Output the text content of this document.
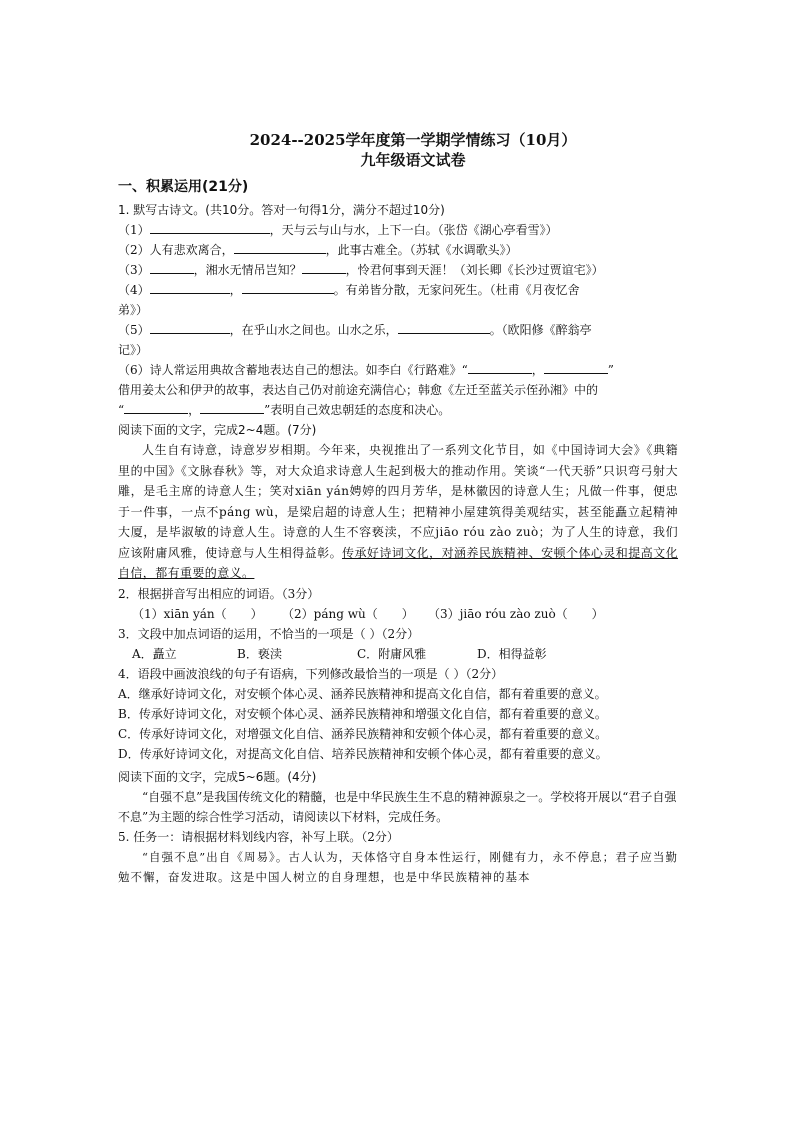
2024--2025学年度第一学期学情练习（10月）
九年级语文试卷
一、积累运用(21分)
1. 默写古诗文。(共10分。答对一句得1分，满分不超过10分)
（1）	，天与云与山与水，上下一白。（张岱《湖心亭看雪》）
（2）人有悲欢离合，	，此事古难全。（苏轼《水调歌头》）
（3）	，湘水无情吊岂知？	，怜君何事到天涯！（刘长卿《长沙过贾谊宅》）
（4）	，	。有弟皆分散，无家问死生。（杜甫《月夜忆舍
弟》）
（5）	，在乎山水之间也。山水之乐，	。（欧阳修《醉翁亭
记》）
（6）诗人常运用典故含蓄地表达自己的想法。如李白《行路难》“	，	”
借用姜太公和伊尹的故事，表达自己仍对前途充满信心；韩愈《左迁至蓝关示侄孙湘》中的
“	，	”表明自己效忠朝廷的态度和决心。
阅读下面的文字，完成2~4题。(7分)
人生自有诗意，诗意岁岁相期。今年来，央视推出了一系列文化节目，如《中国诗词大会》《典籍里的中国》《文脉春秋》等，对大众追求诗意人生起到极大的推动作用。笑谈“一代天骄”只识弯弓射大雕，是毛主席的诗意人生；笑对xiān yán娉婷的四月芳华，是林徽因的诗意人生；凡做一件事，便忠于一件事，一点不páng wù，是梁启超的诗意人生；把精神小屋建筑得美观结实，甚至能矗立起精神大厦，是毕淑敏的诗意人生。诗意的人生不容亵渎，不应jiāo róu zào zuò；为了人生的诗意，我们应该附庸风雅，使诗意与人生相得益彰。传承好诗词文化，对涵养民族精神、安顿个体心灵和提高文化自信，都有重要的意义。
2．根据拼音写出相应的词语。（3分）
（1）xiān yán（　　） （2）páng wù（　　） （3）jiāo róu zào zuò（　　）
3．文段中加点词语的运用，不恰当的一项是（ ）（2分）
A．矗立	B．亵渎	C．附庸风雅	D．相得益彰
4．语段中画波浪线的句子有语病，下列修改最恰当的一项是（ ）（2分）
A．继承好诗词文化，对安顿个体心灵、涵养民族精神和提高文化自信，都有着重要的意义。
B．传承好诗词文化，对安顿个体心灵、涵养民族精神和增强文化自信，都有着重要的意义。
C．传承好诗词文化，对增强文化自信、涵养民族精神和安顿个体心灵，都有着重要的意义。
D．传承好诗词文化，对提高文化自信、培养民族精神和安顿个体心灵，都有着重要的意义。
阅读下面的文字，完成5~6题。(4分)
“自强不息”是我国传统文化的精髓，也是中华民族生生不息的精神源泉之一。学校将开展以“君子自强不息”为主题的综合性学习活动，请阅读以下材料，完成任务。
5. 任务一：请根据材料划线内容，补写上联。（2分）
“自强不息”出自《周易》。古人认为，天体恪守自身本性运行，刚健有力，永不停息；君子应当勤勉不懈，奋发进取。这是中国人树立的自身理想，也是中华民族精神的基本
